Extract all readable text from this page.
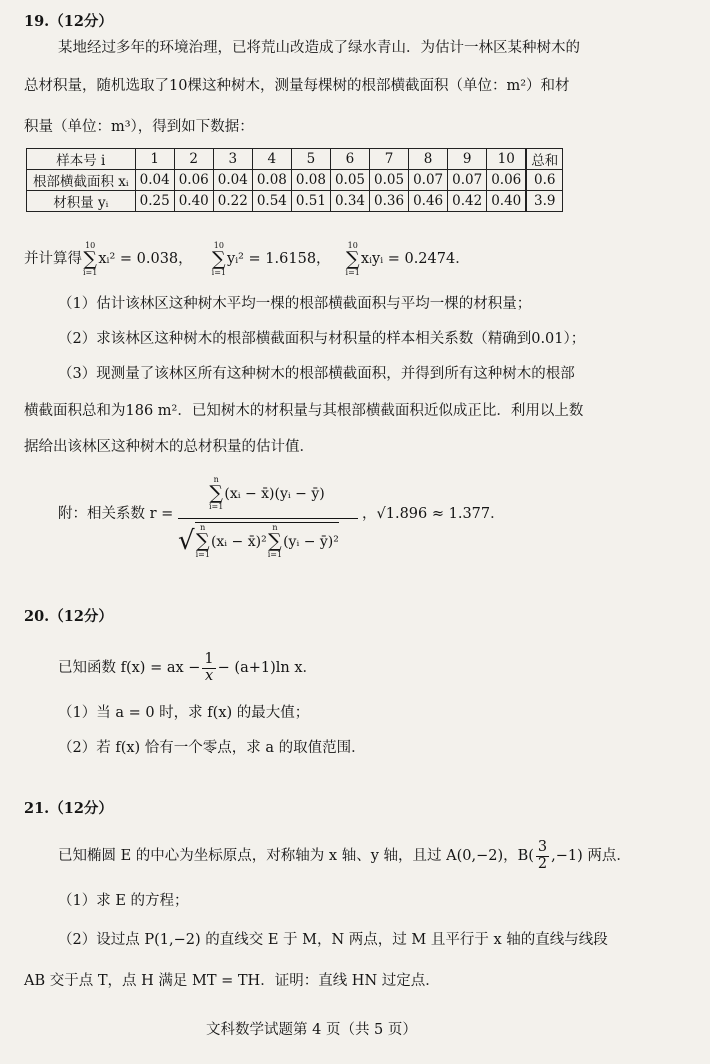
19.（12分）
某地经过多年的环境治理，已将荒山改造成了绿水青山．为估计一林区某种树木的
总材积量，随机选取了10棵这种树木，测量每棵树的根部横截面积（单位：m²）和材
积量（单位：m³），得到如下数据：
样本号 i	1	2	3	4	5	6	7	8	9	10	总和
根部横截面积 xᵢ	0.04	0.06	0.04	0.08	0.08	0.05	0.05	0.07	0.07	0.06	0.6
材积量 yᵢ	0.25	0.40	0.22	0.54	0.51	0.34	0.36	0.46	0.42	0.40	3.9
并计算得
10
∑
i=1
xᵢ² = 0.038，
10
∑
i=1
yᵢ² = 1.6158，
10
∑
i=1
xᵢyᵢ = 0.2474．
（1）估计该林区这种树木平均一棵的根部横截面积与平均一棵的材积量；
（2）求该林区这种树木的根部横截面积与材积量的样本相关系数（精确到0.01）；
（3）现测量了该林区所有这种树木的根部横截面积，并得到所有这种树木的根部
横截面积总和为186 m²．已知树木的材积量与其根部横截面积近似成正比．利用以上数
据给出该林区这种树木的总材积量的估计值．
附：相关系数 r =
n
∑
i=1
(xᵢ − x̄)(yᵢ − ȳ)
√ n
∑
i=1
(xᵢ − x̄)²
n
∑
i=1
(yᵢ − ȳ)²
，√1.896 ≈ 1.377．
20.（12分）
已知函数 f(x) = ax − $\frac{1}{x} - (a+1)\ln$ x．
（1）当 a = 0 时，求 f(x) 的最大值；
（2）若 f(x) 恰有一个零点，求 a 的取值范围．
21.（12分）
已知椭圆 E 的中心为坐标原点，对称轴为 x 轴、y 轴，且过 A(0,−2)，$B( \frac{3}{2} ,-1)$ 两点．
（1）求 E 的方程；
（2）设过点 P(1,−2) 的直线交 E 于 M，N 两点，过 M 且平行于 x 轴的直线与线段
AB 交于点 T，点 H 满足 MT = TH．证明：直线 HN 过定点．
文科数学试题第 4 页（共 5 页）
